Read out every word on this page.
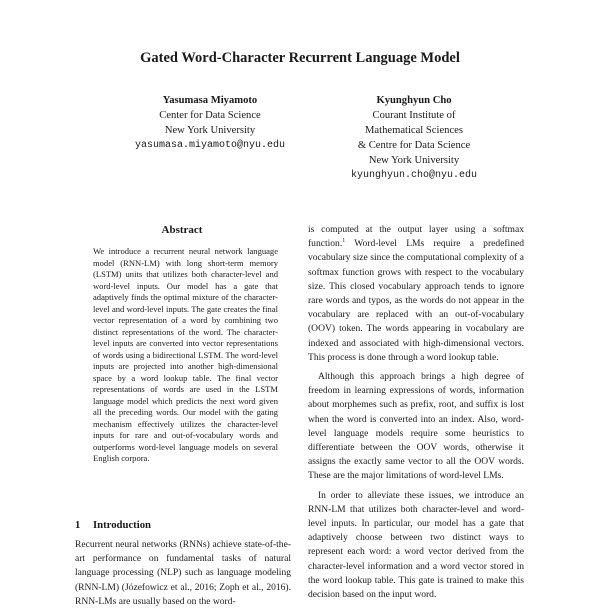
Gated Word-Character Recurrent Language Model
Yasumasa Miyamoto
Center for Data Science
New York University
yasumasa.miyamoto@nyu.edu
Kyunghyun Cho
Courant Institute of
Mathematical Sciences
& Centre for Data Science
New York University
kyunghyun.cho@nyu.edu
Abstract

We introduce a recurrent neural network language model (RNN-LM) with long short-term memory (LSTM) units that utilizes both character-level and word-level inputs. Our model has a gate that adaptively finds the optimal mixture of the character-level and word-level inputs. The gate creates the final vector representation of a word by combining two distinct representations of the word. The character-level inputs are converted into vector representations of words using a bidirectional LSTM. The word-level inputs are projected into another high-dimensional space by a word lookup table. The final vector representations of words are used in the LSTM language model which predicts the next word given all the preceding words. Our model with the gating mechanism effectively utilizes the character-level inputs for rare and out-of-vocabulary words and outperforms word-level language models on several English corpora.

1 Introduction

Recurrent neural networks (RNNs) achieve state-of-the-art performance on fundamental tasks of natural language processing (NLP) such as language modeling (RNN-LM) (Józefowicz et al., 2016; Zoph et al., 2016). RNN-LMs are usually based on the word-

is computed at the output layer using a softmax function.$^1$ Word-level LMs require a predefined vocabulary size since the computational complexity of a softmax function grows with respect to the vocabulary size. This closed vocabulary approach tends to ignore rare words and typos, as the words do not appear in the vocabulary are replaced with an out-of-vocabulary (OOV) token. The words appearing in vocabulary are indexed and associated with high-dimensional vectors. This process is done through a word lookup table.

Although this approach brings a high degree of freedom in learning expressions of words, information about morphemes such as prefix, root, and suffix is lost when the word is converted into an index. Also, word-level language models require some heuristics to differentiate between the OOV words, otherwise it assigns the exactly same vector to all the OOV words. These are the major limitations of word-level LMs.

In order to alleviate these issues, we introduce an RNN-LM that utilizes both character-level and word-level inputs. In particular, our model has a gate that adaptively choose between two distinct ways to represent each word: a word vector derived from the character-level information and a word vector stored in the word lookup table. This gate is trained to make this decision based on the input word.
